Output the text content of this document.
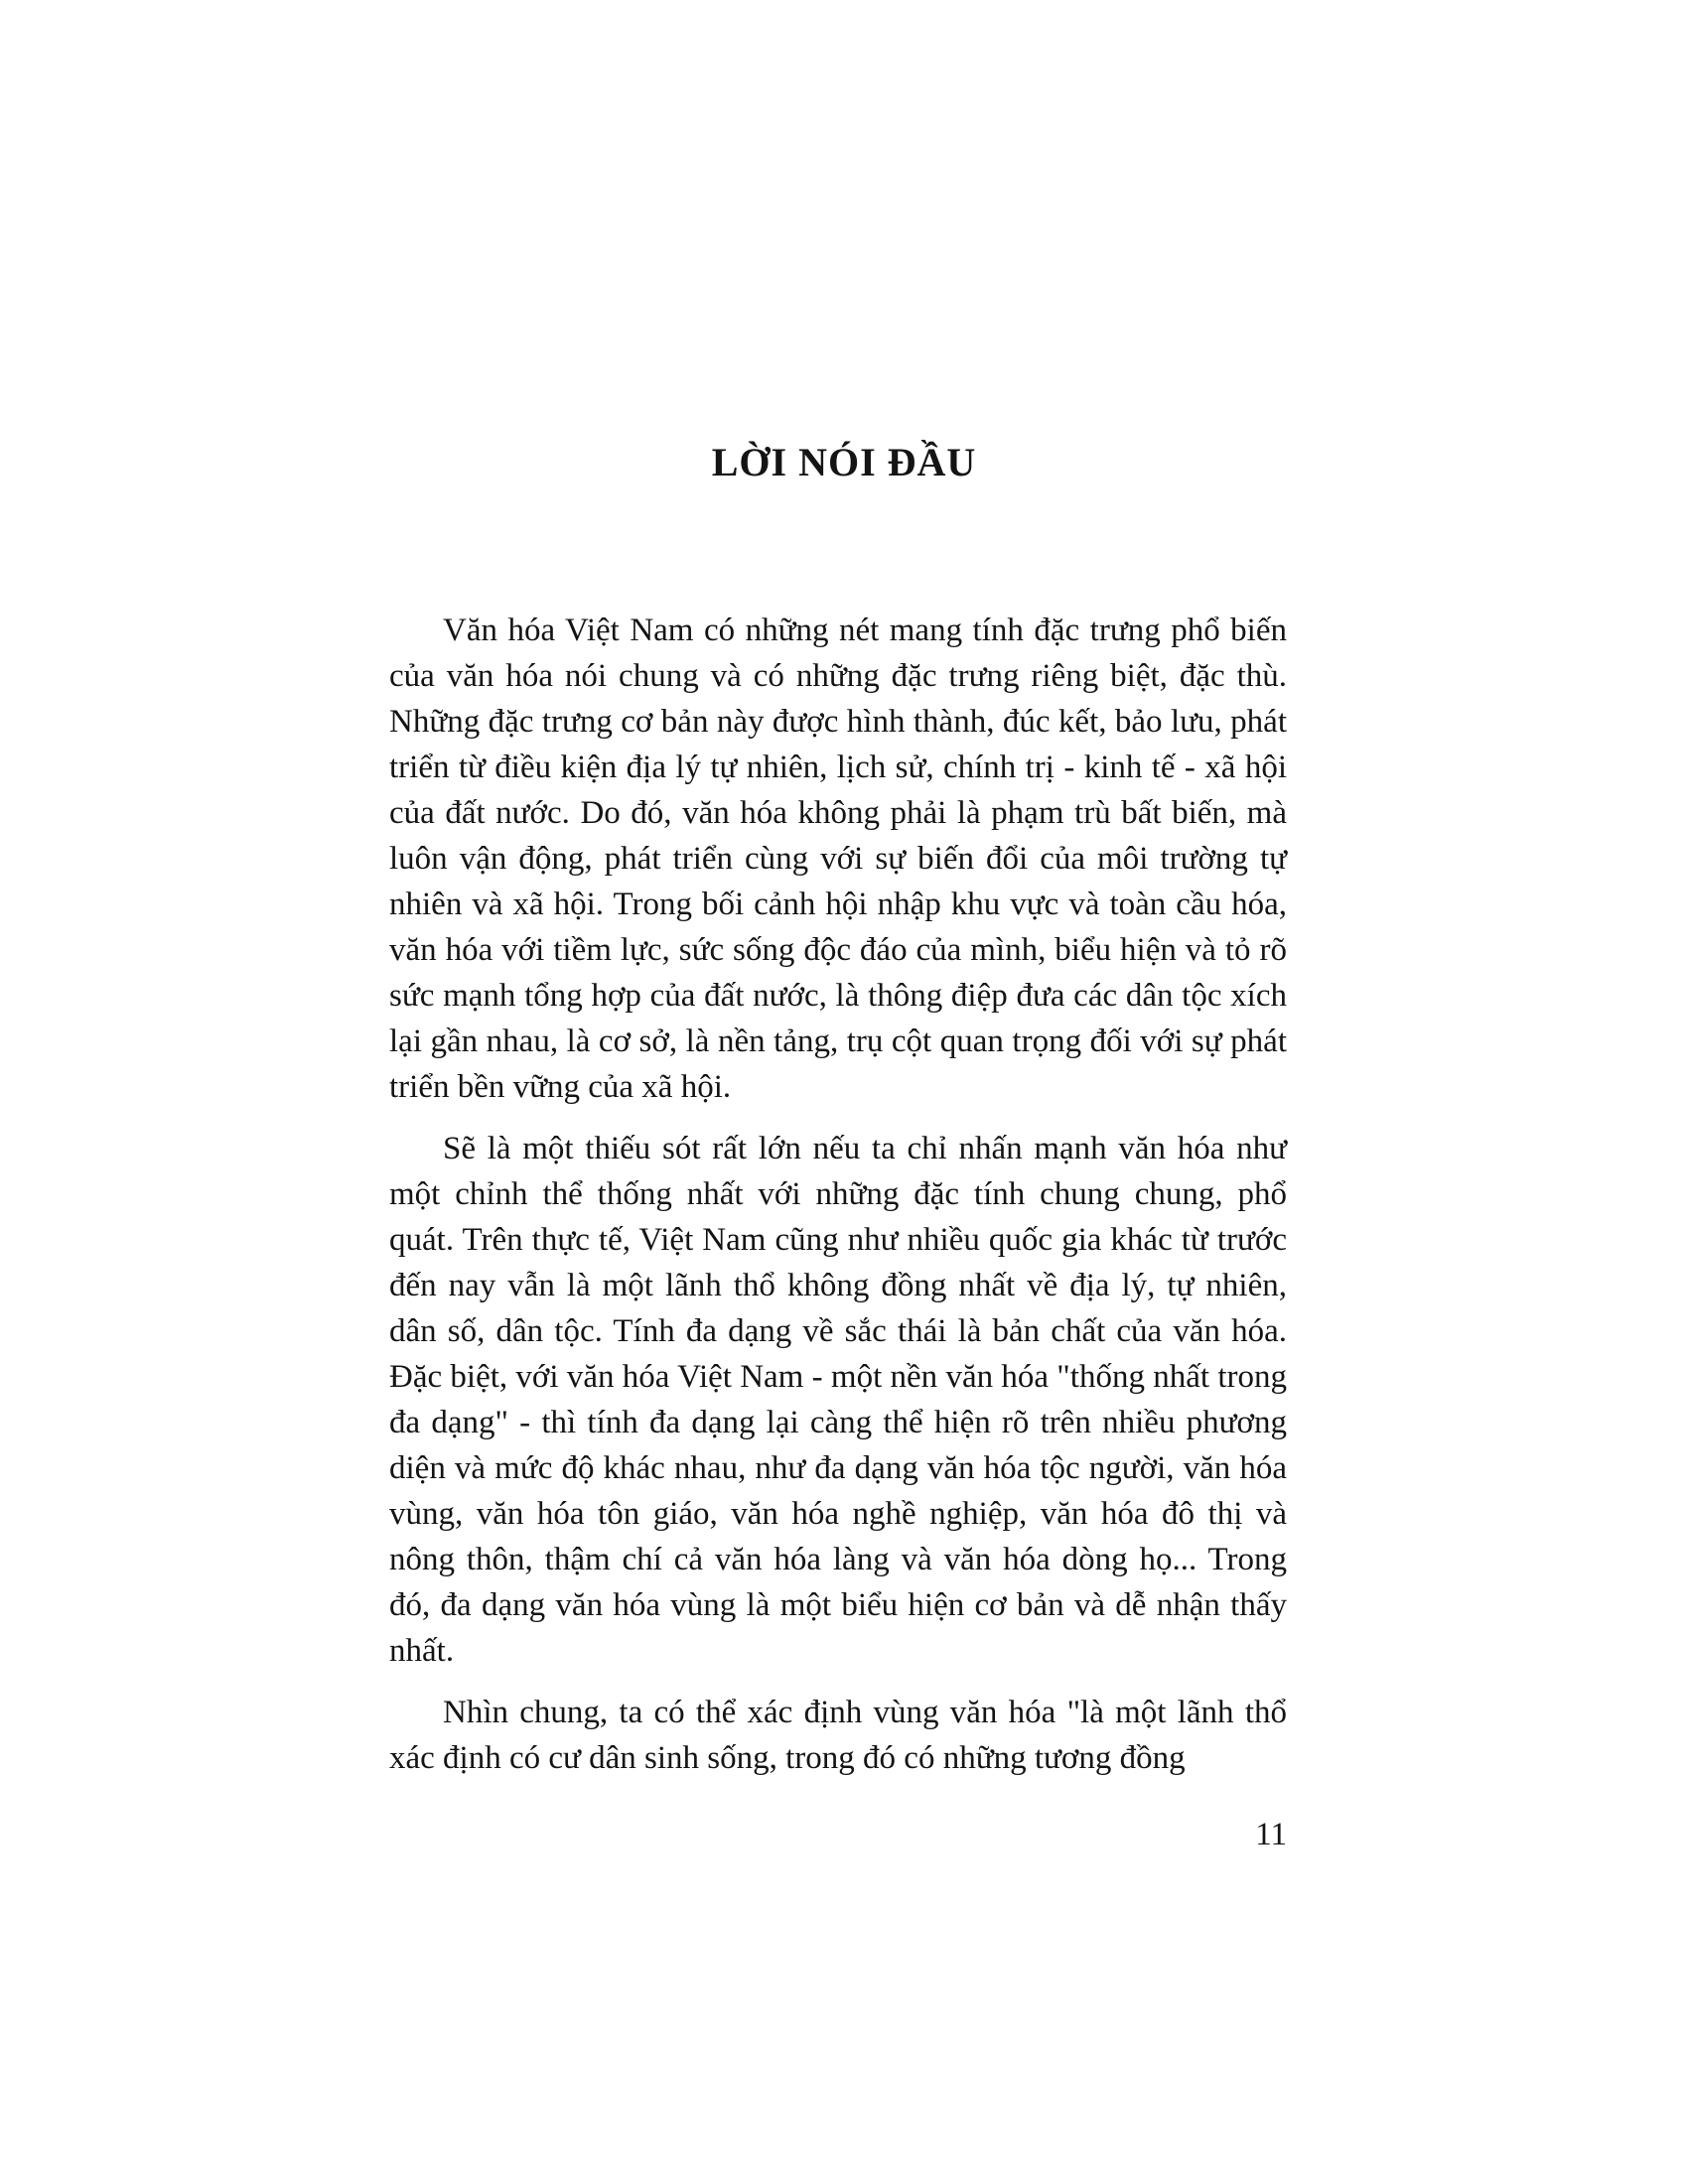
LỜI NÓI ĐẦU

Văn hóa Việt Nam có những nét mang tính đặc trưng phổ biến của văn hóa nói chung và có những đặc trưng riêng biệt, đặc thù. Những đặc trưng cơ bản này được hình thành, đúc kết, bảo lưu, phát triển từ điều kiện địa lý tự nhiên, lịch sử, chính trị - kinh tế - xã hội của đất nước. Do đó, văn hóa không phải là phạm trù bất biến, mà luôn vận động, phát triển cùng với sự biến đổi của môi trường tự nhiên và xã hội. Trong bối cảnh hội nhập khu vực và toàn cầu hóa, văn hóa với tiềm lực, sức sống độc đáo của mình, biểu hiện và tỏ rõ sức mạnh tổng hợp của đất nước, là thông điệp đưa các dân tộc xích lại gần nhau, là cơ sở, là nền tảng, trụ cột quan trọng đối với sự phát triển bền vững của xã hội.

Sẽ là một thiếu sót rất lớn nếu ta chỉ nhấn mạnh văn hóa như một chỉnh thể thống nhất với những đặc tính chung chung, phổ quát. Trên thực tế, Việt Nam cũng như nhiều quốc gia khác từ trước đến nay vẫn là một lãnh thổ không đồng nhất về địa lý, tự nhiên, dân số, dân tộc. Tính đa dạng về sắc thái là bản chất của văn hóa. Đặc biệt, với văn hóa Việt Nam - một nền văn hóa "thống nhất trong đa dạng" - thì tính đa dạng lại càng thể hiện rõ trên nhiều phương diện và mức độ khác nhau, như đa dạng văn hóa tộc người, văn hóa vùng, văn hóa tôn giáo, văn hóa nghề nghiệp, văn hóa đô thị và nông thôn, thậm chí cả văn hóa làng và văn hóa dòng họ... Trong đó, đa dạng văn hóa vùng là một biểu hiện cơ bản và dễ nhận thấy nhất.

Nhìn chung, ta có thể xác định vùng văn hóa "là một lãnh thổ xác định có cư dân sinh sống, trong đó có những tương đồng

11
